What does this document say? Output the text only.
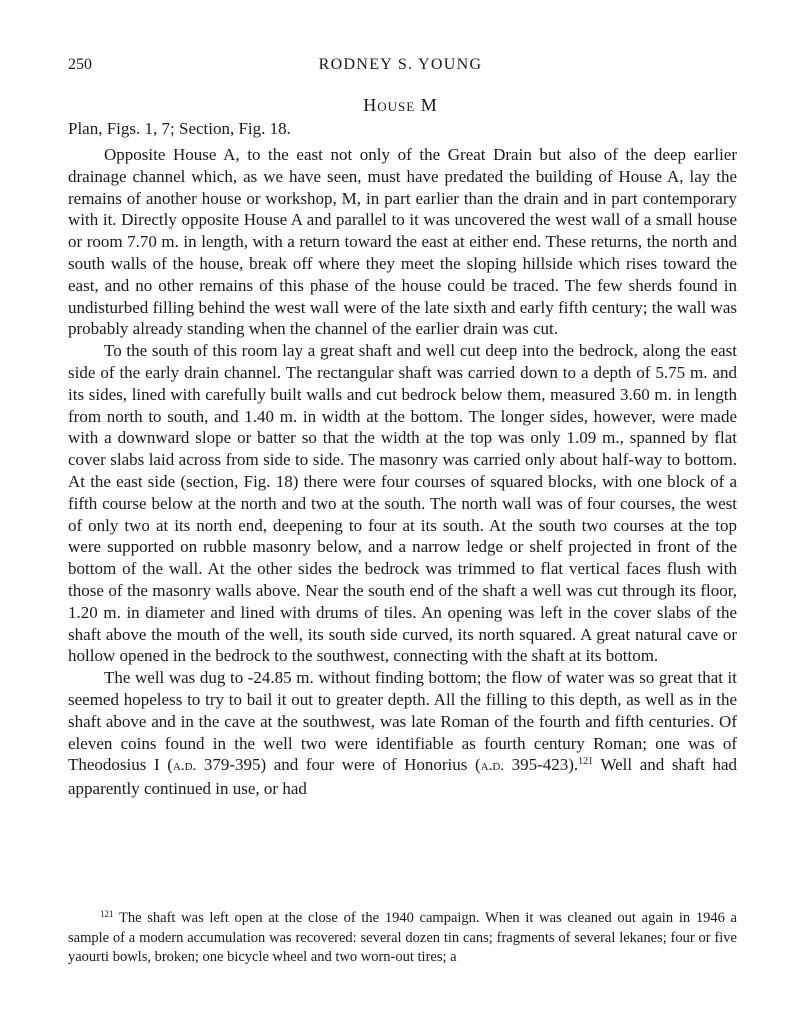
250	RODNEY S. YOUNG
House M
Plan, Figs. 1, 7; Section, Fig. 18.

Opposite House A, to the east not only of the Great Drain but also of the deep earlier drainage channel which, as we have seen, must have predated the building of House A, lay the remains of another house or workshop, M, in part earlier than the drain and in part contemporary with it. Directly opposite House A and parallel to it was uncovered the west wall of a small house or room 7.70 m. in length, with a return toward the east at either end. These returns, the north and south walls of the house, break off where they meet the sloping hillside which rises toward the east, and no other remains of this phase of the house could be traced. The few sherds found in undisturbed filling behind the west wall were of the late sixth and early fifth century; the wall was probably already standing when the channel of the earlier drain was cut.

To the south of this room lay a great shaft and well cut deep into the bedrock, along the east side of the early drain channel. The rectangular shaft was carried down to a depth of 5.75 m. and its sides, lined with carefully built walls and cut bedrock below them, measured 3.60 m. in length from north to south, and 1.40 m. in width at the bottom. The longer sides, however, were made with a downward slope or batter so that the width at the top was only 1.09 m., spanned by flat cover slabs laid across from side to side. The masonry was carried only about half-way to bottom. At the east side (section, Fig. 18) there were four courses of squared blocks, with one block of a fifth course below at the north and two at the south. The north wall was of four courses, the west of only two at its north end, deepening to four at its south. At the south two courses at the top were supported on rubble masonry below, and a narrow ledge or shelf projected in front of the bottom of the wall. At the other sides the bedrock was trimmed to flat vertical faces flush with those of the masonry walls above. Near the south end of the shaft a well was cut through its floor, 1.20 m. in diameter and lined with drums of tiles. An opening was left in the cover slabs of the shaft above the mouth of the well, its south side curved, its north squared. A great natural cave or hollow opened in the bedrock to the southwest, connecting with the shaft at its bottom.

The well was dug to -24.85 m. without finding bottom; the flow of water was so great that it seemed hopeless to try to bail it out to greater depth. All the filling to this depth, as well as in the shaft above and in the cave at the southwest, was late Roman of the fourth and fifth centuries. Of eleven coins found in the well two were identifiable as fourth century Roman; one was of Theodosius I (a.d. 379-395) and four were of Honorius (a.d. 395-423).$^{121}$ Well and shaft had apparently continued in use, or had

$^{121}$ The shaft was left open at the close of the 1940 campaign. When it was cleaned out again in 1946 a sample of a modern accumulation was recovered: several dozen tin cans; fragments of several lekanes; four or five yaourti bowls, broken; one bicycle wheel and two worn-out tires; a
